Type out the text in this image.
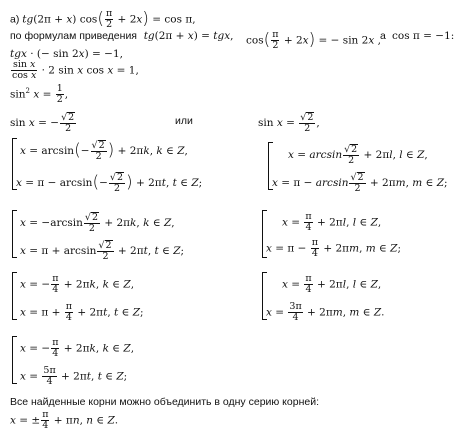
а) tg(2π + x) $\cos( \frac{\pi}{2} + 2x) = \cos \pi$,
по формулам приведения tg(2π + x) = tgx, $\cos( \frac{\pi}{2} + 2x)$ = − sin 2x , а cos π = −1:
tgx · (− sin 2x) = −1,
$\frac{\text{sin x}}{\text{cos x}} \cdot 2$ sin x cos x = 1,
$\sin^2 x = \frac{1}{2}$ ,
sin x = − $\frac{√2}{2}$	или	$\sin x = \frac{√2}{2}$ ,
$x = \arcsin(- \frac{√2}{2}$ ) + 2πk, k ∈ Z,
$x = \pi - \arcsin(- \frac{√2}{2}$ ) + 2πt, t ∈ Z;
$x = \arcsin \frac{√2}{2} + 2\pi l$, l ∈ Z,
$x = \pi - \arcsin \frac{√2}{2} + 2\pi m$, m ∈ Z;
$x = -\arcsin \frac{√2}{2} + 2\pi k$, k ∈ Z,
$x = \pi + \arcsin \frac{√2}{2} + 2\pi t$, t ∈ Z;
$x = \frac{\pi}{4} + 2\pi l$, l ∈ Z,
$x = \pi - \frac{\pi}{4} + 2\pi m$, m ∈ Z;
x = − $\frac{\pi}{4} + 2\pi k$, k ∈ Z,
$x = \pi + \frac{\pi}{4} + 2\pi t$, t ∈ Z;
$x = \frac{\pi}{4} + 2\pi l$, l ∈ Z,
$x = \frac{3\pi}{4} + 2\pi m$, m ∈ Z.
x = − $\frac{\pi}{4} + 2\pi k$, k ∈ Z,
$x = \frac{5\pi}{4} + 2\pi t$, t ∈ Z;
Все найденные корни можно объединить в одну серию корней:
x = ± $\frac{\pi}{4} + \pi n$, n ∈ Z.
